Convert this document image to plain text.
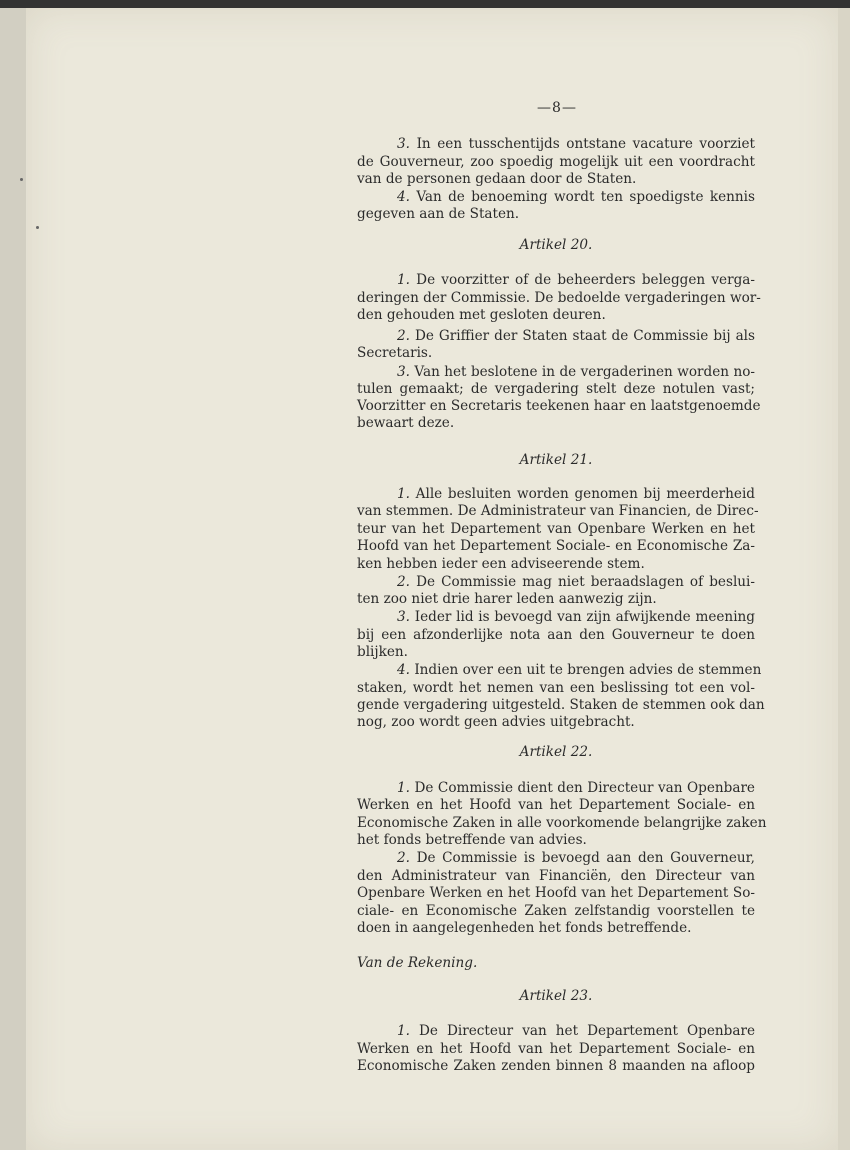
—8—
3. In een tusschentijds ontstane vacature voorziet
de Gouverneur, zoo spoedig mogelijk uit een voordracht
van de personen gedaan door de Staten.
4. Van de benoeming wordt ten spoedigste kennis
gegeven aan de Staten.
Artikel 20.
1. De voorzitter of de beheerders beleggen verga-
deringen der Commissie. De bedoelde vergaderingen wor-
den gehouden met gesloten deuren.
2. De Griffier der Staten staat de Commissie bij als
Secretaris.
3. Van het beslotene in de vergaderinen worden no-
tulen gemaakt; de vergadering stelt deze notulen vast;
Voorzitter en Secretaris teekenen haar en laatstgenoemde
bewaart deze.
Artikel 21.
1. Alle besluiten worden genomen bij meerderheid
van stemmen. De Administrateur van Financien, de Direc-
teur van het Departement van Openbare Werken en het
Hoofd van het Departement Sociale- en Economische Za-
ken hebben ieder een adviseerende stem.
2. De Commissie mag niet beraadslagen of beslui-
ten zoo niet drie harer leden aanwezig zijn.
3. Ieder lid is bevoegd van zijn afwijkende meening
bij een afzonderlijke nota aan den Gouverneur te doen
blijken.
4. Indien over een uit te brengen advies de stemmen
staken, wordt het nemen van een beslissing tot een vol-
gende vergadering uitgesteld. Staken de stemmen ook dan
nog, zoo wordt geen advies uitgebracht.
Artikel 22.
1. De Commissie dient den Directeur van Openbare
Werken en het Hoofd van het Departement Sociale- en
Economische Zaken in alle voorkomende belangrijke zaken
het fonds betreffende van advies.
2. De Commissie is bevoegd aan den Gouverneur,
den Administrateur van Financiën, den Directeur van
Openbare Werken en het Hoofd van het Departement So-
ciale- en Economische Zaken zelfstandig voorstellen te
doen in aangelegenheden het fonds betreffende.
Van de Rekening.
Artikel 23.
1. De Directeur van het Departement Openbare
Werken en het Hoofd van het Departement Sociale- en
Economische Zaken zenden binnen 8 maanden na afloop
